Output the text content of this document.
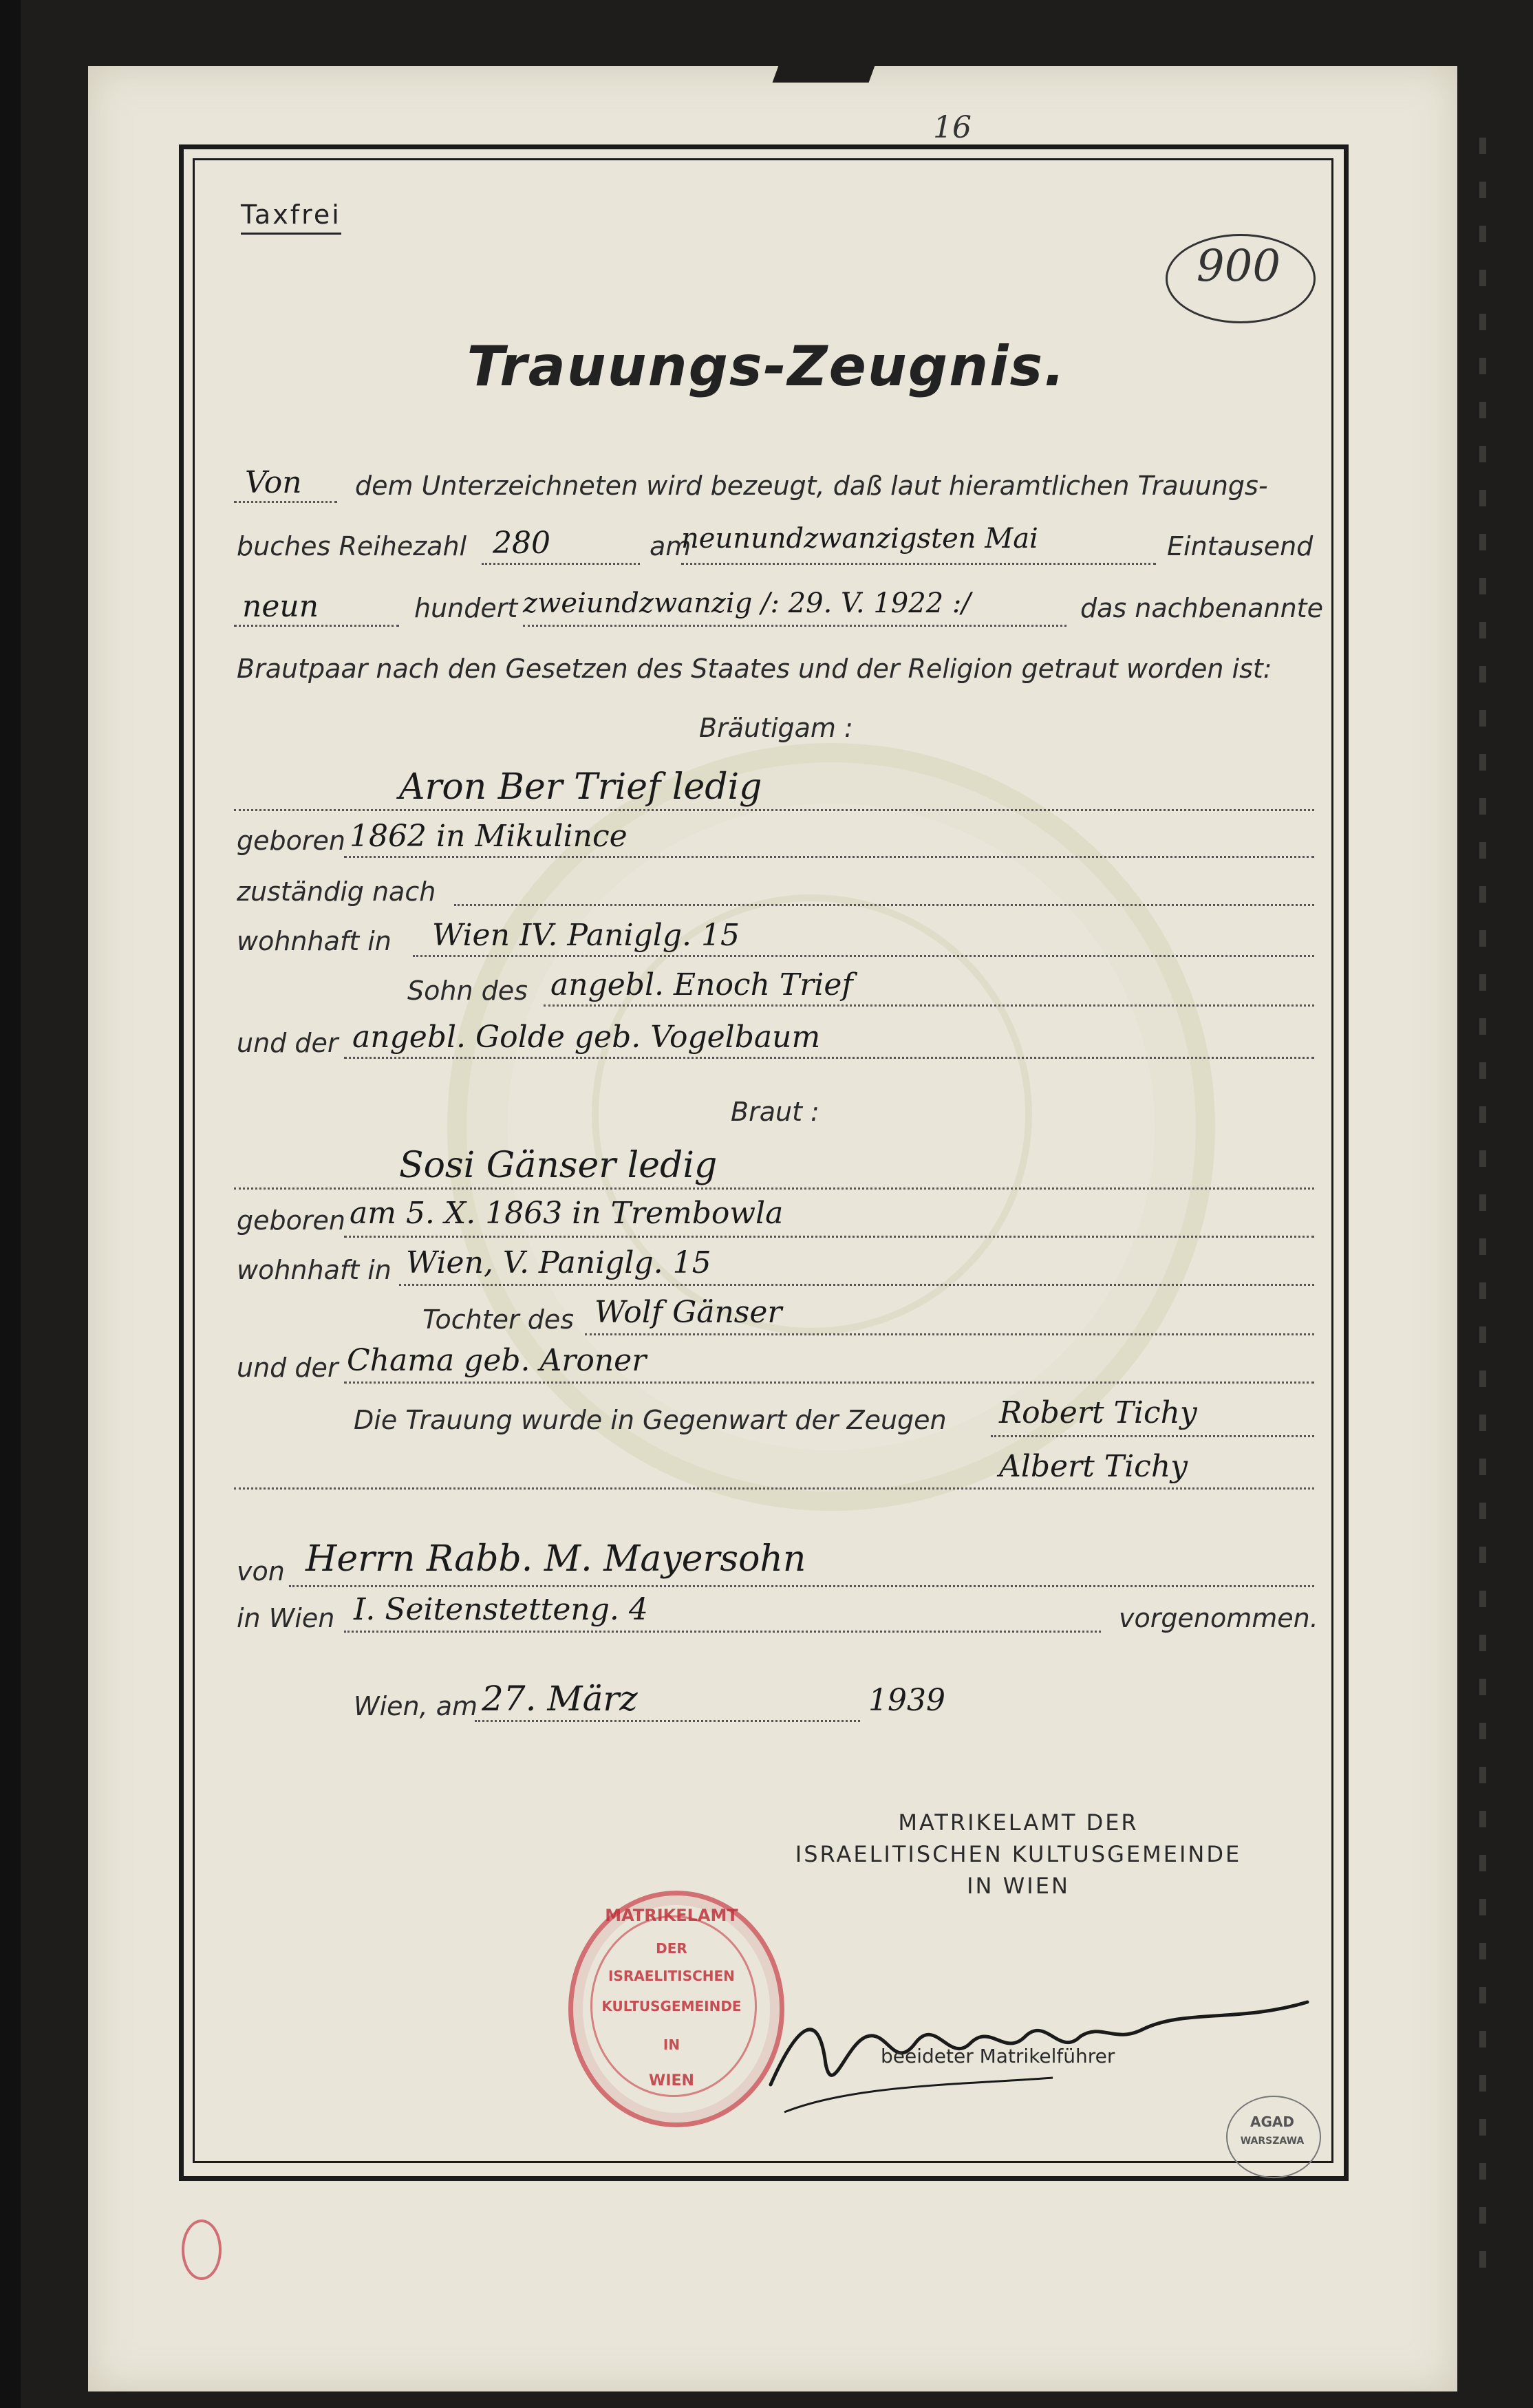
16
Taxfrei
900
Trauungs-Zeugnis.
Von dem Unterzeichneten wird bezeugt, daß laut hieramtlichen Trauungs-
buches Reihezahl 280	am
neunundzwanzigsten Mai	Eintausend
neun	hundert zweiundzwanzig /: 29. V. 1922 :/	das nachbenannte
Brautpaar nach den Gesetzen des Staates und der Religion getraut worden ist:
Bräutigam :
Aron Ber Trief ledig
geboren 1862 in Mikulince
zuständig nach
wohnhaft in Wien IV. Paniglg. 15
Sohn des angebl. Enoch Trief
und der angebl. Golde geb. Vogelbaum
Braut :
Sosi Gänser ledig
geboren am 5. X. 1863 in Trembowla
wohnhaft in Wien, V. Paniglg. 15
Tochter des Wolf Gänser
und der Chama geb. Aroner
Die Trauung wurde in Gegenwart der Zeugen Robert Tichy
Albert Tichy
von Herrn Rabb. M. Mayersohn
in Wien I. Seitenstetteng. 4	vorgenommen.
Wien, am 27. März	1939
MATRIKELAMT DER
ISRAELITISCHEN KULTUSGEMEINDE
IN WIEN
MATRIKELAMT
DER
ISRAELITISCHEN
KULTUSGEMEINDE
IN
WIEN
beeideter Matrikelführer
AGAD
WARSZAWA
